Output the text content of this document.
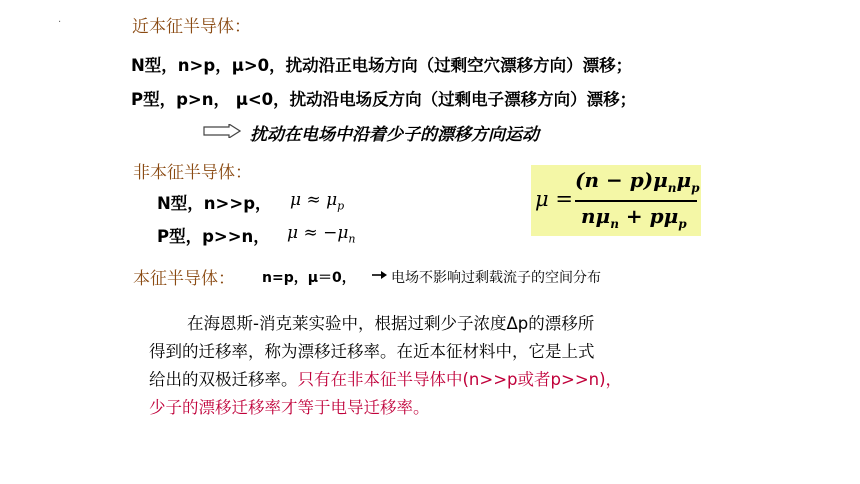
.	近本征半导体：
N型，n>p，μ>0，扰动沿正电场方向（过剩空穴漂移方向）漂移；
P型，p>n， μ<0，扰动沿电场反方向（过剩电子漂移方向）漂移；
扰动在电场中沿着少子的漂移方向运动
非本征半导体：
N型，n>>p， $\mu \approx \mu_p$
P型，p>>n， $\mu \approx -\mu_n$
μ =
$(n - p)\mu_n\mu_p$
$n\mu_n + p\mu_p$
本征半导体： n=p，μ＝0，	电场不影响过剩载流子的空间分布
在海恩斯-消克莱实验中，根据过剩少子浓度Δp的漂移所
得到的迁移率，称为漂移迁移率。在近本征材料中，它是上式
给出的双极迁移率。只有在非本征半导体中(n>>p或者p>>n)，
少子的漂移迁移率才等于电导迁移率。
